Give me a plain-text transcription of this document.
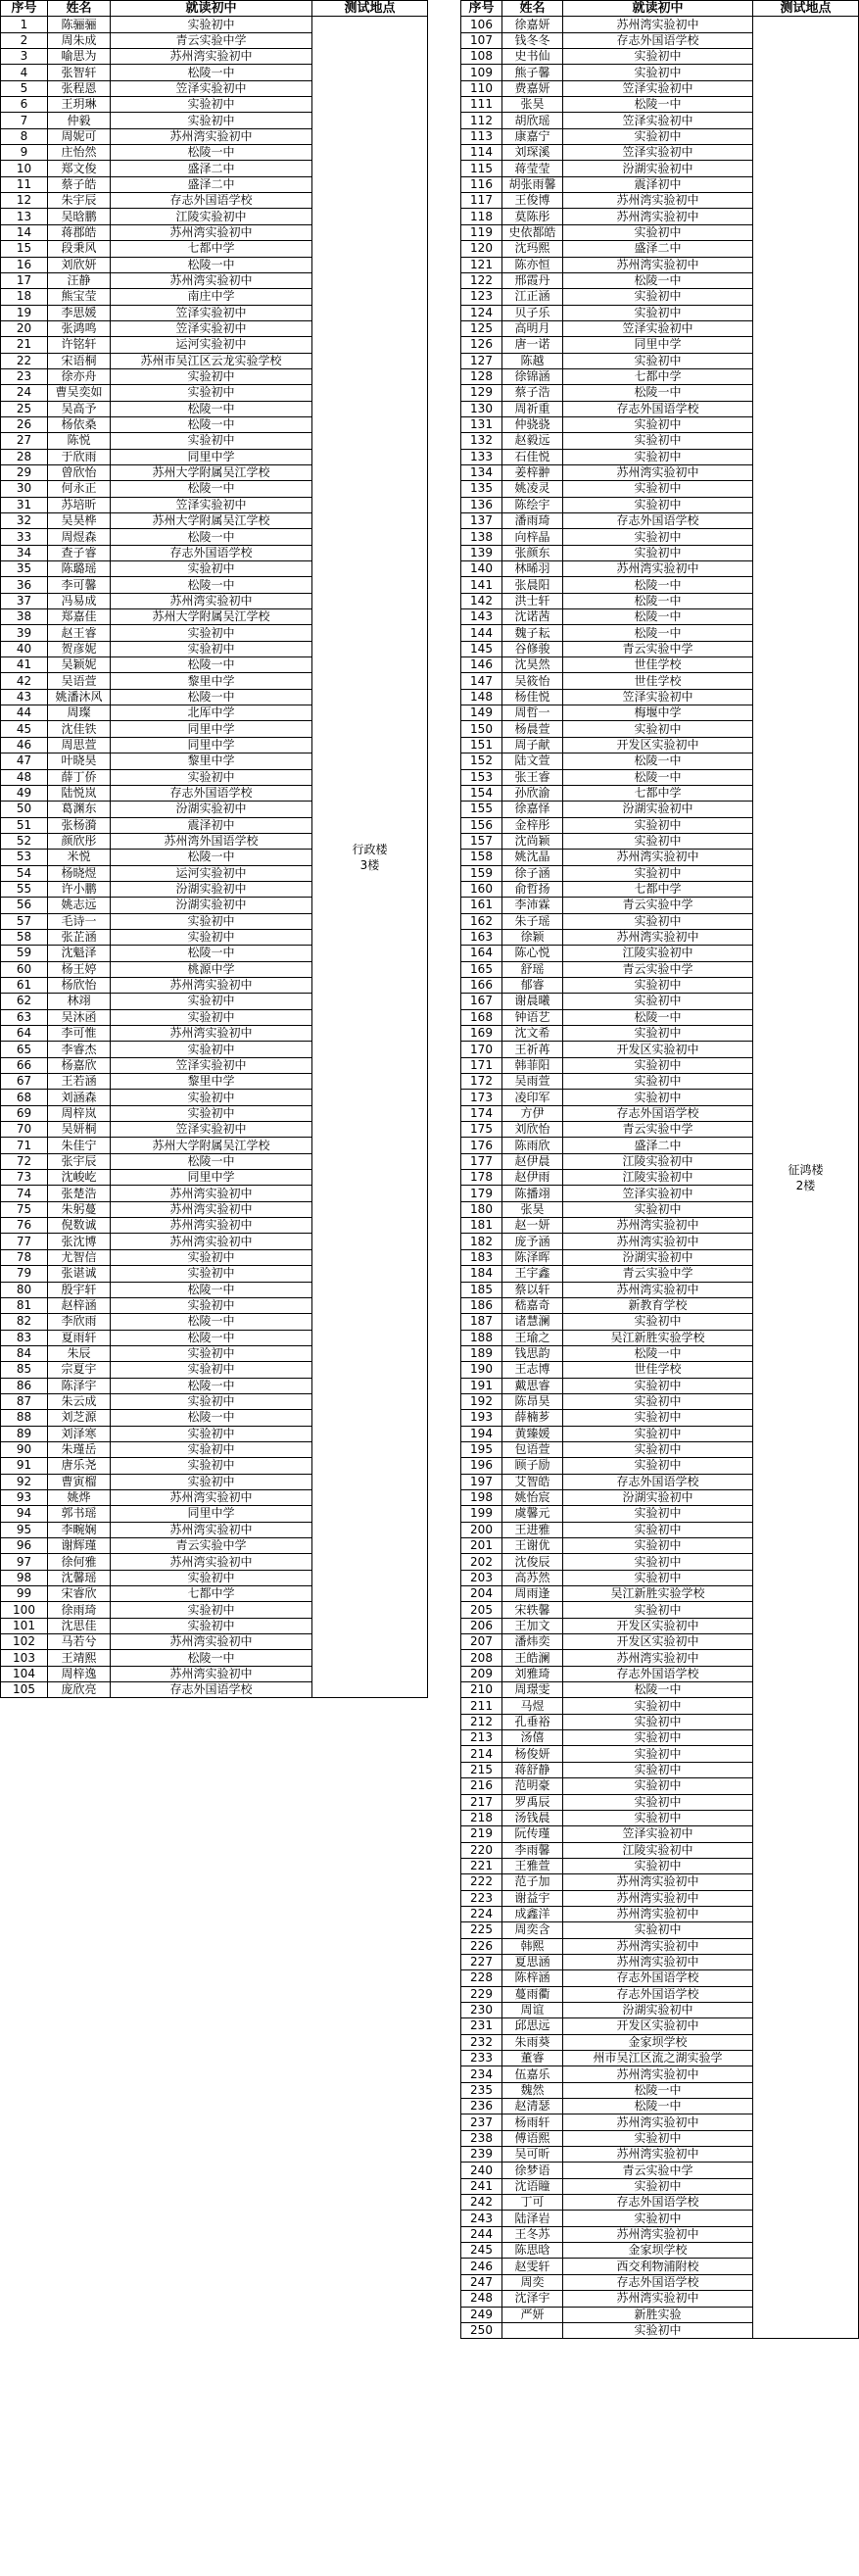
序号	姓名	就读初中	测试地点
1	陈骊骊	实验初中	行政楼
3楼

2	周朱成	青云实验中学	
3	喻思为	苏州湾实验初中	
4	张智轩	松陵一中	
5	张程恩	笠泽实验初中	
6	王玥琳	实验初中	
7	仲毅	实验初中	
8	周妮可	苏州湾实验初中	
9	庄怡然	松陵一中	
10	郑文俊	盛泽二中	
11	蔡子皓	盛泽二中	
12	朱宇辰	存志外国语学校	
13	吴晗鹏	江陵实验初中	
14	蒋郡皓	苏州湾实验初中	
15	段秉风	七都中学	
16	刘欣妍	松陵一中	
17	汪静	苏州湾实验初中	
18	熊宝莹	南庄中学	
19	李思媛	笠泽实验初中	
20	张鸿鸣	笠泽实验初中	
21	许铭轩	运河实验初中	
22	宋语桐	苏州市吴江区云龙实验学校	
23	徐亦舟	实验初中	
24	曹吴奕如	实验初中	
25	吴高予	松陵一中	
26	杨依桑	松陵一中	
27	陈悦	实验初中	
28	于欣雨	同里中学	
29	曾欣怡	苏州大学附属吴江学校	
30	何永正	松陵一中	
31	苏培昕	笠泽实验初中	
32	吴昊桦	苏州大学附属吴江学校	
33	周煜森	松陵一中	
34	查子睿	存志外国语学校	
35	陈璐瑶	实验初中	
36	李可馨	松陵一中	
37	冯易成	苏州湾实验初中	
38	郑嘉佳	苏州大学附属吴江学校	
39	赵王睿	实验初中	
40	贺彦妮	实验初中	
41	吴颖妮	松陵一中	
42	吴语萱	黎里中学	
43	姚潘沐风	松陵一中	
44	周璨	北厍中学	
45	沈佳铁	同里中学	
46	周思萱	同里中学	
47	叶晓昊	黎里中学	
48	薛丁侨	实验初中	
49	陆悦岚	存志外国语学校	
50	葛渊东	汾湖实验初中	
51	张杨漪	震泽初中	
52	颜欣彤	苏州湾外国语学校	
53	米悦	松陵一中	
54	杨晓煜	运河实验初中	
55	许小鹏	汾湖实验初中	
56	姚志远	汾湖实验初中	
57	毛诗一	实验初中	
58	张芷涵	实验初中	
59	沈魁泽	松陵一中	
60	杨王婷	桃源中学	
61	杨欣怡	苏州湾实验初中	
62	林翊	实验初中	
63	吴沐函	实验初中	
64	李可惟	苏州湾实验初中	
65	李睿杰	实验初中	
66	杨嘉欣	笠泽实验初中	
67	王若涵	黎里中学	
68	刘涵森	实验初中	
69	周梓岚	实验初中	
70	吴妍桐	笠泽实验初中	
71	朱佳宁	苏州大学附属吴江学校	
72	张宇辰	松陵一中	
73	沈峻屹	同里中学	
74	张楚浩	苏州湾实验初中	
75	朱躬蔓	苏州湾实验初中	
76	倪数诚	苏州湾实验初中	
77	张沈博	苏州湾实验初中	
78	尤智信	实验初中	
79	张谌诚	实验初中	
80	殷宇轩	松陵一中	
81	赵梓涵	实验初中	
82	李欣雨	松陵一中	
83	夏雨轩	松陵一中	
84	朱辰	实验初中	
85	宗夏宇	实验初中	
86	陈泽宇	松陵一中	
87	朱云成	实验初中	
88	刘芝源	松陵一中	
89	刘泽寒	实验初中	
90	朱瑾岳	实验初中	
91	唐乐尧	实验初中	
92	曹寅榴	实验初中	
93	姚烨	苏州湾实验初中	
94	郭书瑶	同里中学	
95	李畹娴	苏州湾实验初中	
96	谢辉瑾	青云实验中学	
97	徐何雅	苏州湾实验初中	
98	沈馨瑶	实验初中	
99	宋睿欣	七都中学	
100	徐雨琦	实验初中	
101	沈思佳	实验初中	
102	马若兮	苏州湾实验初中	
103	王靖熙	松陵一中	
104	周梓逸	苏州湾实验初中	
105	庞欣亮	存志外国语学校	
序号	姓名	就读初中	测试地点
106	徐嘉妍	苏州湾实验初中	征鸿楼
2楼

107	钱冬冬	存志外国语学校	
108	史书仙	实验初中	
109	熊子馨	实验初中	
110	费嘉妍	笠泽实验初中	
111	张昊	松陵一中	
112	胡欣瑶	笠泽实验初中	
113	康嘉宁	实验初中	
114	刘琛溪	笠泽实验初中	
115	蒋莹莹	汾湖实验初中	
116	胡张雨馨	震泽初中	
117	王俊博	苏州湾实验初中	
118	莫陈彤	苏州湾实验初中	
119	史依都皓	实验初中	
120	沈玛熙	盛泽二中	
121	陈亦恒	苏州湾实验初中	
122	邢霞丹	松陵一中	
123	江正涵	实验初中	
124	贝子乐	实验初中	
125	高明月	笠泽实验初中	
126	唐一诺	同里中学	
127	陈越	实验初中	
128	徐锦涵	七都中学	
129	蔡子浩	松陵一中	
130	周祈重	存志外国语学校	
131	仲骁骁	实验初中	
132	赵毅远	实验初中	
133	石佳悦	实验初中	
134	姜梓翀	苏州湾实验初中	
135	姚凌灵	实验初中	
136	陈绘宇	实验初中	
137	潘雨琦	存志外国语学校	
138	向梓晶	实验初中	
139	张颜东	实验初中	
140	林晞羽	苏州湾实验初中	
141	张晨阳	松陵一中	
142	洪士轩	松陵一中	
143	沈诺茜	松陵一中	
144	魏子耘	松陵一中	
145	谷修骏	青云实验中学	
146	沈昊然	世佳学校	
147	吴筱怡	世佳学校	
148	杨佳悦	笠泽实验初中	
149	周哲一	梅堰中学	
150	杨晨萱	实验初中	
151	周子献	开发区实验初中	
152	陆文萱	松陵一中	
153	张王睿	松陵一中	
154	孙欣渝	七都中学	
155	徐嘉怿	汾湖实验初中	
156	金梓彤	实验初中	
157	沈尚颖	实验初中	
158	姚沈晶	苏州湾实验初中	
159	徐子涵	实验初中	
160	俞哲扬	七都中学	
161	李沛霖	青云实验中学	
162	朱子瑶	实验初中	
163	徐颖	苏州湾实验初中	
164	陈心悦	江陵实验初中	
165	舒瑶	青云实验中学	
166	郁睿	实验初中	
167	谢晨曦	实验初中	
168	钟语艺	松陵一中	
169	沈文希	实验初中	
170	王祈苒	开发区实验初中	
171	韩菲阳	实验初中	
172	吴雨萱	实验初中	
173	凌印军	实验初中	
174	方伊	存志外国语学校	
175	刘欣怡	青云实验中学	
176	陈雨欣	盛泽二中	
177	赵伊晨	江陵实验初中	
178	赵伊雨	江陵实验初中	
179	陈播翊	笠泽实验初中	
180	张昊	实验初中	
181	赵一妍	苏州湾实验初中	
182	庞予涵	苏州湾实验初中	
183	陈泽晖	汾湖实验初中	
184	王宇鑫	青云实验中学	
185	蔡以轩	苏州湾实验初中	
186	嵇嘉奇	新教育学校	
187	诸慧澜	实验初中	
188	王瑜之	吴江新胜实验学校	
189	钱思韵	松陵一中	
190	王志博	世佳学校	
191	戴思睿	实验初中	
192	陈昂昊	实验初中	
193	薛楠芗	实验初中	
194	黄臻媛	实验初中	
195	包语萱	实验初中	
196	顾子励	实验初中	
197	艾智皓	存志外国语学校	
198	姚怡宸	汾湖实验初中	
199	虞馨元	实验初中	
200	王进雅	实验初中	
201	王谢优	实验初中	
202	沈俊辰	实验初中	
203	高苏然	实验初中	
204	周雨逢	吴江新胜实验学校	
205	宋轶馨	实验初中	
206	王加文	开发区实验初中	
207	潘炜奕	开发区实验初中	
208	王皓澜	苏州湾实验初中	
209	刘雅琦	存志外国语学校	
210	周璟雯	松陵一中	
211	马煜	实验初中	
212	孔垂裕	实验初中	
213	汤僖	实验初中	
214	杨俊妍	实验初中	
215	蒋舒静	实验初中	
216	范明豪	实验初中	
217	罗禹辰	实验初中	
218	汤钱晨	实验初中	
219	阮传瑾	笠泽实验初中	
220	李雨馨	江陵实验初中	
221	王雅萱	实验初中	
222	范子加	苏州湾实验初中	
223	谢益宇	苏州湾实验初中	
224	成鑫洋	苏州湾实验初中	
225	周奕含	实验初中	
226	韩熙	苏州湾实验初中	
227	夏思涵	苏州湾实验初中	
228	陈梓涵	存志外国语学校	
229	蔓雨衢	存志外国语学校	
230	周谊	汾湖实验初中	
231	邱思远	开发区实验初中	
232	朱雨葵	金家坝学校	
233	董睿	州市吴江区流之湖实验学	
234	伍嘉乐	苏州湾实验初中	
235	魏然	松陵一中	
236	赵清瑟	松陵一中	
237	杨雨轩	苏州湾实验初中	
238	傅语熙	实验初中	
239	吴可昕	苏州湾实验初中	
240	徐梦语	青云实验中学	
241	沈语瞳	实验初中	
242	丁可	存志外国语学校	
243	陆泽岩	实验初中	
244	王冬苏	苏州湾实验初中	
245	陈思晗	金家坝学校	
246	赵雯轩	西交利物浦附校	
247	周奕	存志外国语学校	
248	沈泽宇	苏州湾实验初中	
249	严妍	新胜实验	
250		实验初中	
